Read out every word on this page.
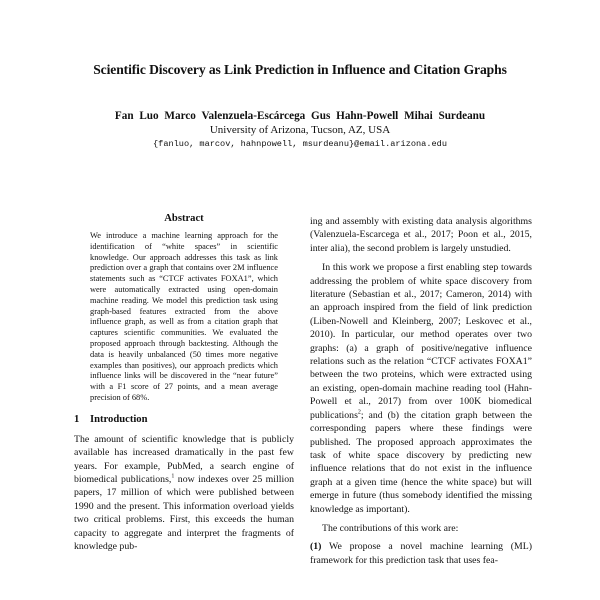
Scientific Discovery as Link Prediction in Influence and Citation Graphs
Fan Luo Marco Valenzuela-Escárcega Gus Hahn-Powell Mihai Surdeanu
University of Arizona, Tucson, AZ, USA
{fanluo, marcov, hahnpowell, msurdeanu}@email.arizona.edu
Abstract
We introduce a machine learning approach for the identification of “white spaces” in scientific knowledge. Our approach addresses this task as link prediction over a graph that contains over 2M influence statements such as “CTCF activates FOXA1”, which were automatically extracted using open-domain machine reading. We model this prediction task using graph-based features extracted from the above influence graph, as well as from a citation graph that captures scientific communities. We evaluated the proposed approach through backtesting. Although the data is heavily unbalanced (50 times more negative examples than positives), our approach predicts which influence links will be discovered in the “near future” with a F1 score of 27 points, and a mean average precision of 68%.
1 Introduction
The amount of scientific knowledge that is publicly available has increased dramatically in the past few years. For example, PubMed, a search engine of biomedical publications,$^1$ now indexes over 25 million papers, 17 million of which were published between 1990 and the present. This information overload yields two critical problems. First, this exceeds the human capacity to aggregate and interpret the fragments of knowledge pub-

ing and assembly with existing data analysis algorithms (Valenzuela-Escarcega et al., 2017; Poon et al., 2015, inter alia), the second problem is largely unstudied.

In this work we propose a first enabling step towards addressing the problem of white space discovery from literature (Sebastian et al., 2017; Cameron, 2014) with an approach inspired from the field of link prediction (Liben-Nowell and Kleinberg, 2007; Leskovec et al., 2010). In particular, our method operates over two graphs: (a) a graph of positive/negative influence relations such as the relation “CTCF activates FOXA1” between the two proteins, which were extracted using an existing, open-domain machine reading tool (Hahn-Powell et al., 2017) from over 100K biomedical publications$^2$; and (b) the citation graph between the corresponding papers where these findings were published. The proposed approach approximates the task of white space discovery by predicting new influence relations that do not exist in the influence graph at a given time (hence the white space) but will emerge in future (thus somebody identified the missing knowledge as important).

The contributions of this work are:

(1) We propose a novel machine learning (ML) framework for this prediction task that uses fea-
